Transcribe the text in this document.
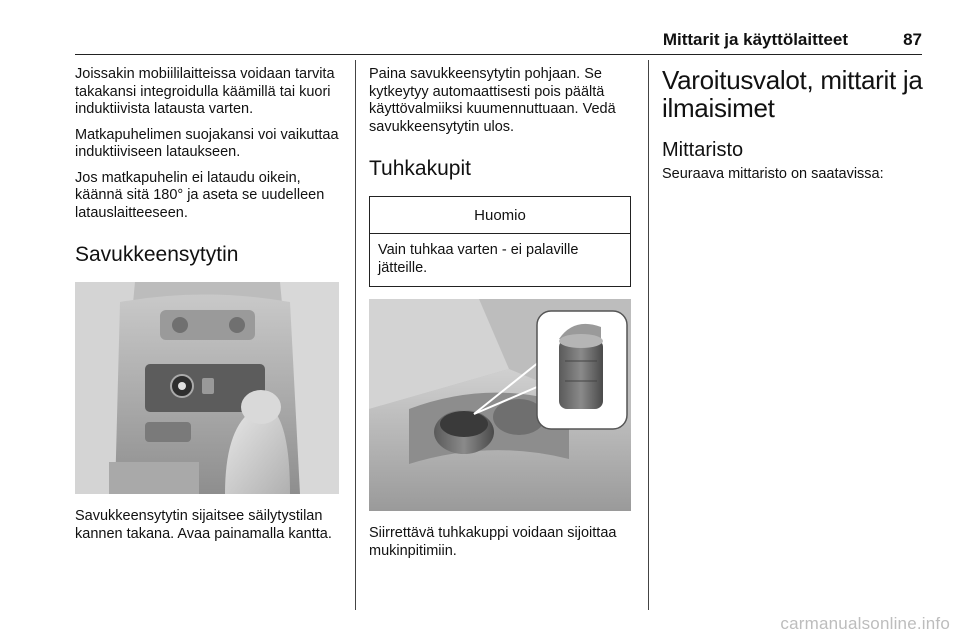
Mittarit ja käyttölaitteet	87

Joissakin mobiililaitteissa voidaan tarvita takakansi integroidulla käämillä tai kuori induktiivista latausta varten.

Matkapuhelimen suojakansi voi vaikuttaa induktiiviseen lataukseen.

Jos matkapuhelin ei lataudu oikein, käännä sitä 180° ja aseta se uudelleen latauslaitteeseen.

Savukkeensytytin

Savukkeensytytin sijaitsee säilytystilan kannen takana. Avaa painamalla kantta.

Paina savukkeensytytin pohjaan. Se kytkeytyy automaattisesti pois päältä käyttövalmiiksi kuumennuttuaan. Vedä savukkeensytytin ulos.

Tuhkakupit
Huomio
Vain tuhkaa varten - ei palaville jätteille.

Siirrettävä tuhkakuppi voidaan sijoittaa mukinpitimiin.

Varoitusvalot, mittarit ja ilmaisimet
Mittaristo

Seuraava mittaristo on saatavissa:

carmanualsonline.info
